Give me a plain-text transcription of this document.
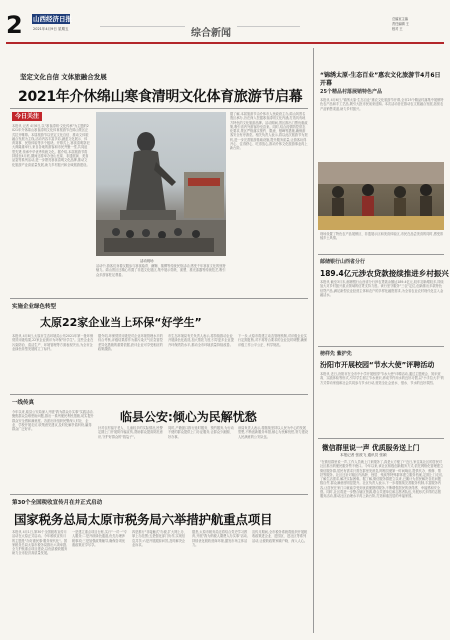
2 山西经济日报
2021年4月9日 星期五	综合新闻
总编室主编
责任编辑 王
校对 王
坚定文化自信 文体旅融合发展
2021年介休绵山寒食清明文化体育旅游节启幕
今日关注
本报讯 记者 4月6日,以"寒食清明·文化传承"为主题的2021年介休绵山寒食清明文化体育旅游节在绵山景区正式拉开帷幕。本届旅游节以坚定文化自信、推动文体旅融合发展为主线,活动内容丰富多彩,涵盖文化展示、体育赛事、民俗体验等多个板块。开幕式上,寒食清明祭祀大典隆重举行,来自各地的游客和市民齐聚一堂,共同追思先贤,传承中华优秀传统文化。据介绍,本届旅游节将持续至4月底,期间还将举办登山比赛、非遗展演、美食品鉴等系列活动,进一步擦亮寒食清明文化品牌,推动文化旅游产业高质量发展,助力乡村振兴和全域旅游建设。
活动现场
据了解,本届旅游节由介休市人民政府主办,绵山风景名胜区承办,旨在深入挖掘寒食清明文化内涵,打造具有地方特色的文化旅游品牌。活动期间,景区推出门票优惠政策,吸引省内外游客纷至沓来。同时,结合疫情防控常态化要求,景区严格落实预约、限流、错峰等措施,确保游客安全有序游览。相关负责人表示,将以此次旅游节为契机,进一步完善旅游基础设施,提升服务质量,让游客玩得开心、住得舒心、吃得放心,推动介休文化旅游事业再上新台阶。
活动中,游客们身着汉服参与寒食踏青、蹴鞠、插柳等传统民俗活动,感受千年寒食文化的独特魅力。绵山景区还精心布置了非遗文化展区,集中展示剪纸、面塑、推光漆器等传统技艺,吸引众多游客驻足观看。
实施企业绿色转型
太原22家企业当上环保“好学生”
本报讯 4月8日,太原市生态环境局公布2021年第一批环保绩效评级结果,22家企业被评为环保"好学生"。这些企业在污染防治、清洁生产、环境管理等方面表现突出,为全市企业绿色转型发展树立了标杆。
据介绍,环保绩效评级是对企业环境管理水平的综合考核,评级结果将作为重污染天气应急管控差异化措施的重要依据,获评企业可享受相应的政策激励。
市生态环境局有关负责人表示,将持续推动企业开展绿色化改造,加大帮扶力度,引导更多企业提升环保绩效水平,推动全市环境质量持续改善。
下一步,太原市将建立动态管理机制,对评级企业实行定期复核,对不再符合要求的企业及时调整,确保评级工作公平公正、科学规范。
一线传真
临县公安:倾心为民解忧愁
今年以来,临县公安局深入开展"我为群众办实事"实践活动,聚焦群众急难愁盼问题,推出一系列便民利民措施,切实提升群众安全感和满意度。各派出所组织民警深入村社、企业、学校开展走访,收集意见建议,及时化解矛盾纠纷,赢得群众广泛好评。	针对农村留守老人、儿童较多的实际情况,民警定期上门开展防诈骗宣传,帮助群众提高防范意识,守护好群众的"钱袋子"。
同时,户籍窗口推行延时服务、预约服务,为行动不便的群众提供上门办证服务,让群众少跑腿、好办事。
该局负责人表示,将继续坚持以人民为中心的发展思想,不断创新服务举措,倾心为民解忧愁,努力建设人民满意的公安队伍。
第30个全国税收宣传月在并正式启动
国家税务总局太原市税务局六举措护航重点项目
本报讯 4月1日,第30个全国税收宣传月活动在太原正式启动。今年税收宣传月的主题是"办好惠民事·服务现代化"。国家税务总局太原市税务局推出六项举措,全力护航重点项目建设,以优质税收服务助力全市经济高质量发展。
一是建立重点项目台账,实行"一对一"专人服务;二是开辟绿色通道,优先办理涉税事项;三是加强政策辅导,确保各项优惠政策应享尽享。
四是推行"非接触式"办税,扩大网上办、掌上办范围;五是强化部门协作,实现信息共享;六是开展跟踪问效,及时解决企业诉求。
据悉,太原市税务局还将结合党史学习教育,开展"我为纳税人缴费人办实事"活动,持续优化税收营商环境,激发市场主体活力。
宣传月期间,全市税务系统将组织开展税收政策进企业、进园区、进社区等系列活动,让税收政策家喻户晓、深入人心。
“锦绣太原·生态百业”惠农文化旅游节4月6日开幕
25个精品村落展销特色产品
本报讯 4月6日,"锦绣太原·生态百业"惠农文化旅游节开幕,全市25个精品村落集中展销特色农产品和手工艺品,吸引大批市民前来选购。本次活动旨在推动农文旅融合发展,拓宽农产品销售渠道,助力乡村振兴。
现场设置了特色农产品展销区、非遗展示区和美食体验区,市民在品尝美食的同时,感受浓郁乡土风情。
邮储银行山西省分行
189.4亿元涉农贷款接续推进乡村振兴
本报讯 截至3月末,邮储银行山西省分行涉农贷款余额达189.4亿元,较年初新增较多,持续加大对乡村振兴重点领域的信贷支持力度。该行坚守服务"三农"定位,创新推出多款特色信贷产品,满足新型农业经营主体和农户的多样化融资需求,为全省农业农村现代化注入金融活水。
榜样先 紫护先
汾阳市开展校园“节水大使”评聘活动
本报讯 近日,汾阳市在全市中小学开展校园"节水大使"评聘活动,通过主题班会、知识竞赛、实践体验等形式,引导学生树立节水意识,养成节约用水的良好习惯,以"小手拉大手"的方式带动家庭和社会共同参与节水行动,营造全社会爱水、惜水、节水的良好氛围。
微信群里说一声 优质服务送上门
本报记者 张波飞 通讯员 张颖
"在微信群里说一声,工作人员就上门来服务了,真是太方便了!"近日,家住某社区的居民对社区推出的便民服务赞不绝口。今年以来,该社区积极创新服务方式,依托网格化管理建立微信服务群,居民有需求只需在群里发消息,网格员便第一时间响应,提供代办、维修、帮扶等服务。社区还针对辖区内高龄、独居、残疾等特殊群体建立服务档案,定期上门走访,了解生活需求,解决实际困难。据了解,微信服务群建立以来,已累计为居民解决各类问题数百件,群众满意度明显提升。社区负责人表示,下一步将继续完善服务机制,丰富服务内容,让居民在家门口就能享受到优质便捷的服务,不断增强居民的获得感、幸福感和安全感。同时,社区将进一步整合辖区资源,联合共建单位和志愿者队伍,开展形式多样的志愿服务活动,推动社区治理水平再上新台阶,打造和谐宜居的幸福家园。
